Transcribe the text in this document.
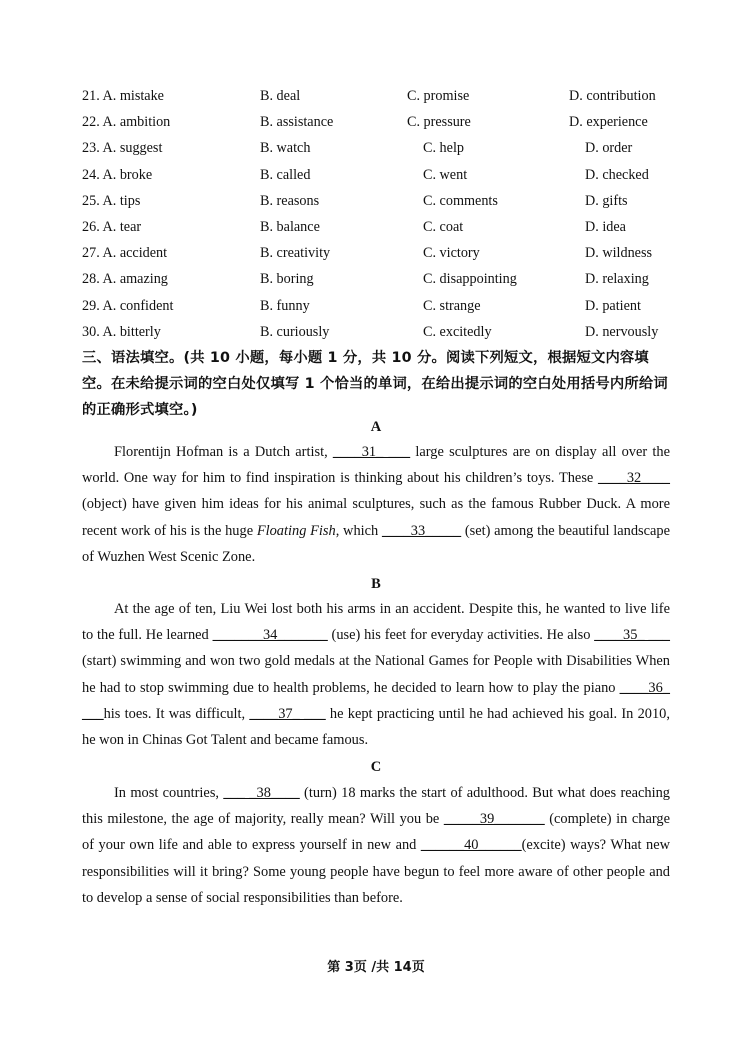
21. A. mistake	B. deal	C. promise	D. contribution
22. A. ambition	B. assistance	C. pressure	D. experience
23. A. suggest	B. watch	C. help	D. order
24. A. broke	B. called	C. went	D. checked
25. A. tips	B. reasons	C. comments	D. gifts
26. A. tear	B. balance	C. coat	D. idea
27. A. accident	B. creativity	C. victory	D. wildness
28. A. amazing	B. boring	C. disappointing	D. relaxing
29. A. confident	B. funny	C. strange	D. patient
30. A. bitterly	B. curiously	C. excitedly	D. nervously
三、语法填空。(共 10 小题，每小题 1 分，共 10 分。阅读下列短文，根据短文内容填空。在未给提示词的空白处仅填写 1 个恰当的单词，在给出提示词的空白处用括号内所给词的正确形式填空。)
A

Florentijn Hofman is a Dutch artist, ____31_ ___ large sculptures are on display all over the world. One way for him to find inspiration is thinking about his children’s toys. These ____32____ (object) have given him ideas for his animal sculptures, such as the famous Rubber Duck. A more recent work of his is the huge Floating Fish, which ____33_____ (set) among the beautiful landscape of Wuzhen West Scenic Zone.

B

At the age of ten, Liu Wei lost both his arms in an accident. Despite this, he wanted to live life to the full. He learned _______34_______ (use) his feet for everyday activities. He also ____35_ ___ (start) swimming and won two gold medals at the National Games for People with Disabilities When he had to stop swimming due to health problems, he decided to learn how to play the piano ____36_ ___his toes. It was difficult, ____37_ ___ he kept practicing until he had achieved his goal. In 2010, he won in Chinas Got Talent and became famous.

C

In most countries, ___ _38____ (turn) 18 marks the start of adulthood. But what does reaching this milestone, the age of majority, really mean? Will you be _____39_______ (complete) in charge of your own life and able to express yourself in new and ______40______(excite) ways? What new responsibilities will it bring? Some young people have begun to feel more aware of other people and to develop a sense of social responsibilities than before.

第 3页 /共 14页
